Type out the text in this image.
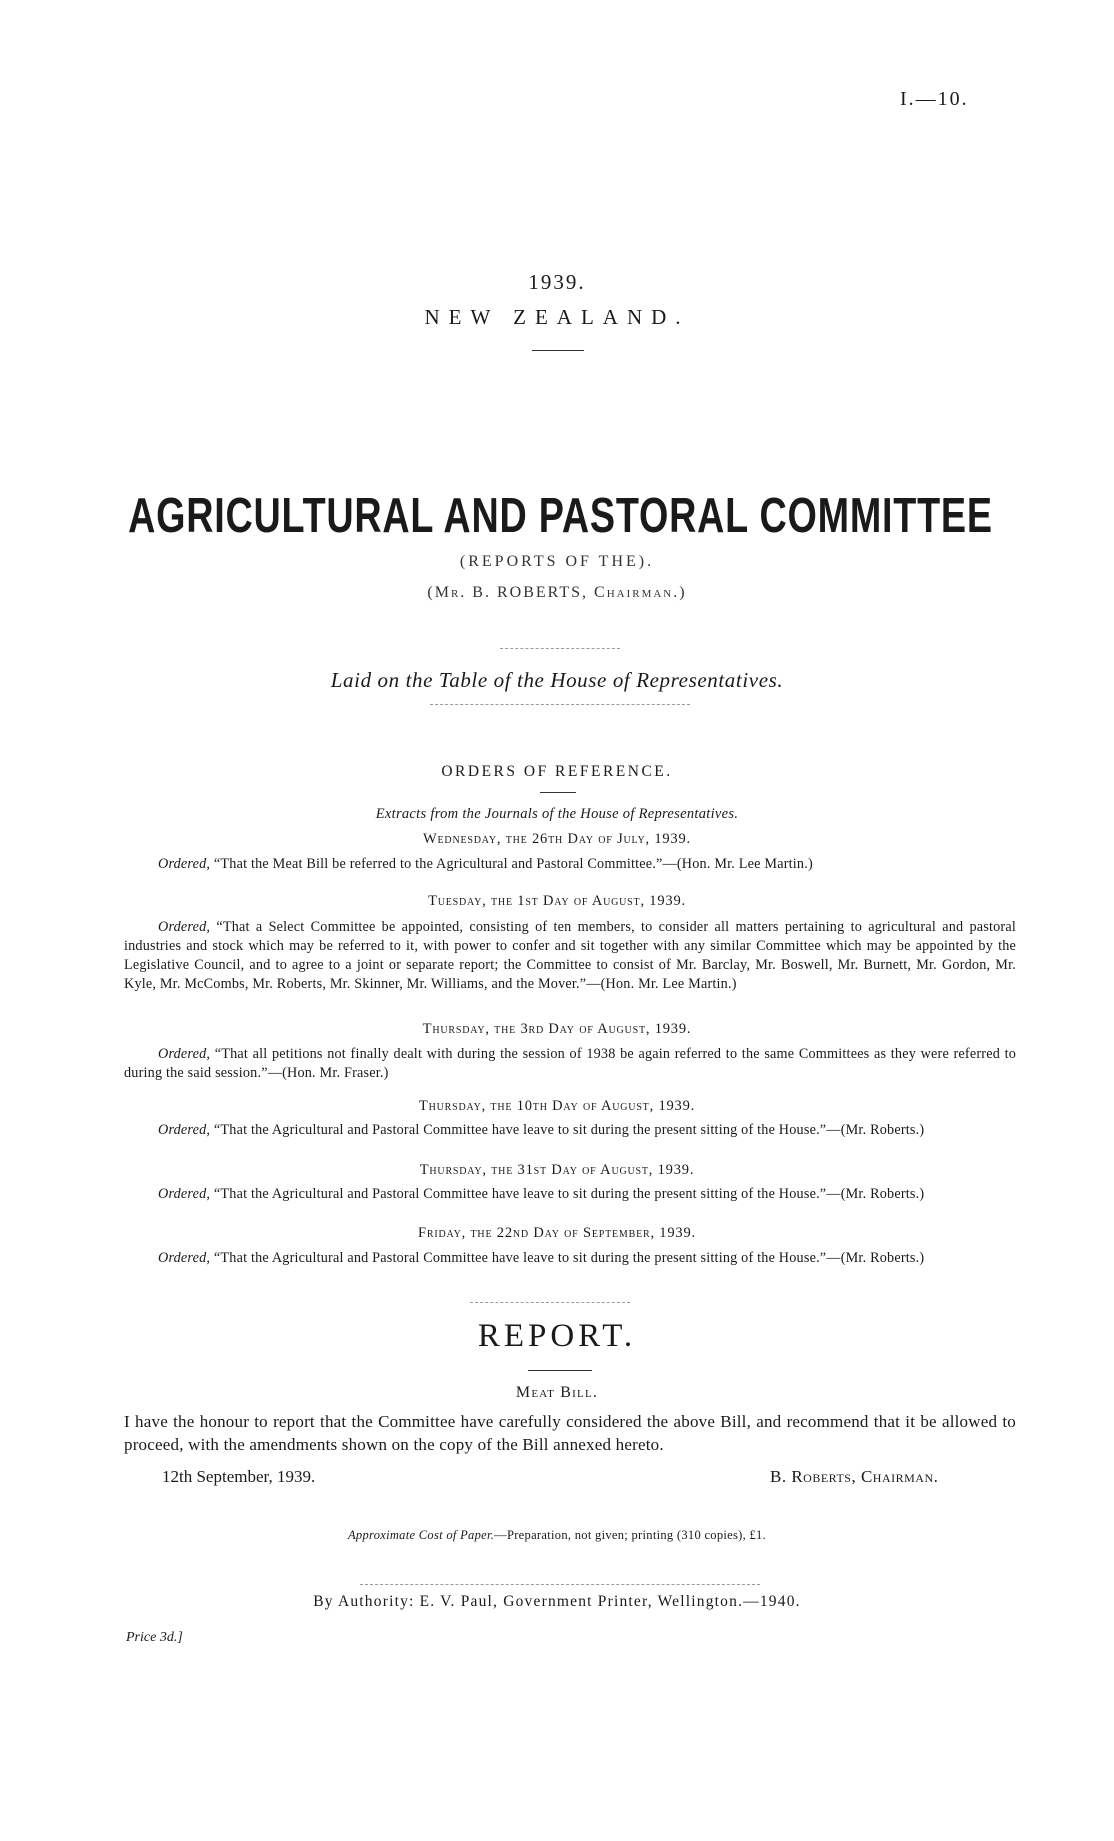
I.—10.
1939.
NEW ZEALAND.
AGRICULTURAL AND PASTORAL COMMITTEE
(REPORTS OF THE).
(Mr. B. ROBERTS, Chairman.)
Laid on the Table of the House of Representatives.
ORDERS OF REFERENCE.
Extracts from the Journals of the House of Representatives.
Wednesday, the 26th Day of July, 1939.
Ordered, “That the Meat Bill be referred to the Agricultural and Pastoral Committee.”—(Hon. Mr. Lee Martin.)
Tuesday, the 1st Day of August, 1939.
Ordered, “That a Select Committee be appointed, consisting of ten members, to consider all matters pertaining to agricultural and pastoral industries and stock which may be referred to it, with power to confer and sit together with any similar Committee which may be appointed by the Legislative Council, and to agree to a joint or separate report; the Committee to consist of Mr. Barclay, Mr. Boswell, Mr. Burnett, Mr. Gordon, Mr. Kyle, Mr. McCombs, Mr. Roberts, Mr. Skinner, Mr. Williams, and the Mover.”—(Hon. Mr. Lee Martin.)
Thursday, the 3rd Day of August, 1939.
Ordered, “That all petitions not finally dealt with during the session of 1938 be again referred to the same Committees as they were referred to during the said session.”—(Hon. Mr. Fraser.)
Thursday, the 10th Day of August, 1939.
Ordered, “That the Agricultural and Pastoral Committee have leave to sit during the present sitting of the House.”—(Mr. Roberts.)
Thursday, the 31st Day of August, 1939.
Ordered, “That the Agricultural and Pastoral Committee have leave to sit during the present sitting of the House.”—(Mr. Roberts.)
Friday, the 22nd Day of September, 1939.
Ordered, “That the Agricultural and Pastoral Committee have leave to sit during the present sitting of the House.”—(Mr. Roberts.)
REPORT.
Meat Bill.
I have the honour to report that the Committee have carefully considered the above Bill, and recommend that it be allowed to proceed, with the amendments shown on the copy of the Bill annexed hereto.
12th September, 1939.	B. Roberts, Chairman.
Approximate Cost of Paper.—Preparation, not given; printing (310 copies), £1.
By Authority: E. V. Paul, Government Printer, Wellington.—1940.
Price 3d.]
